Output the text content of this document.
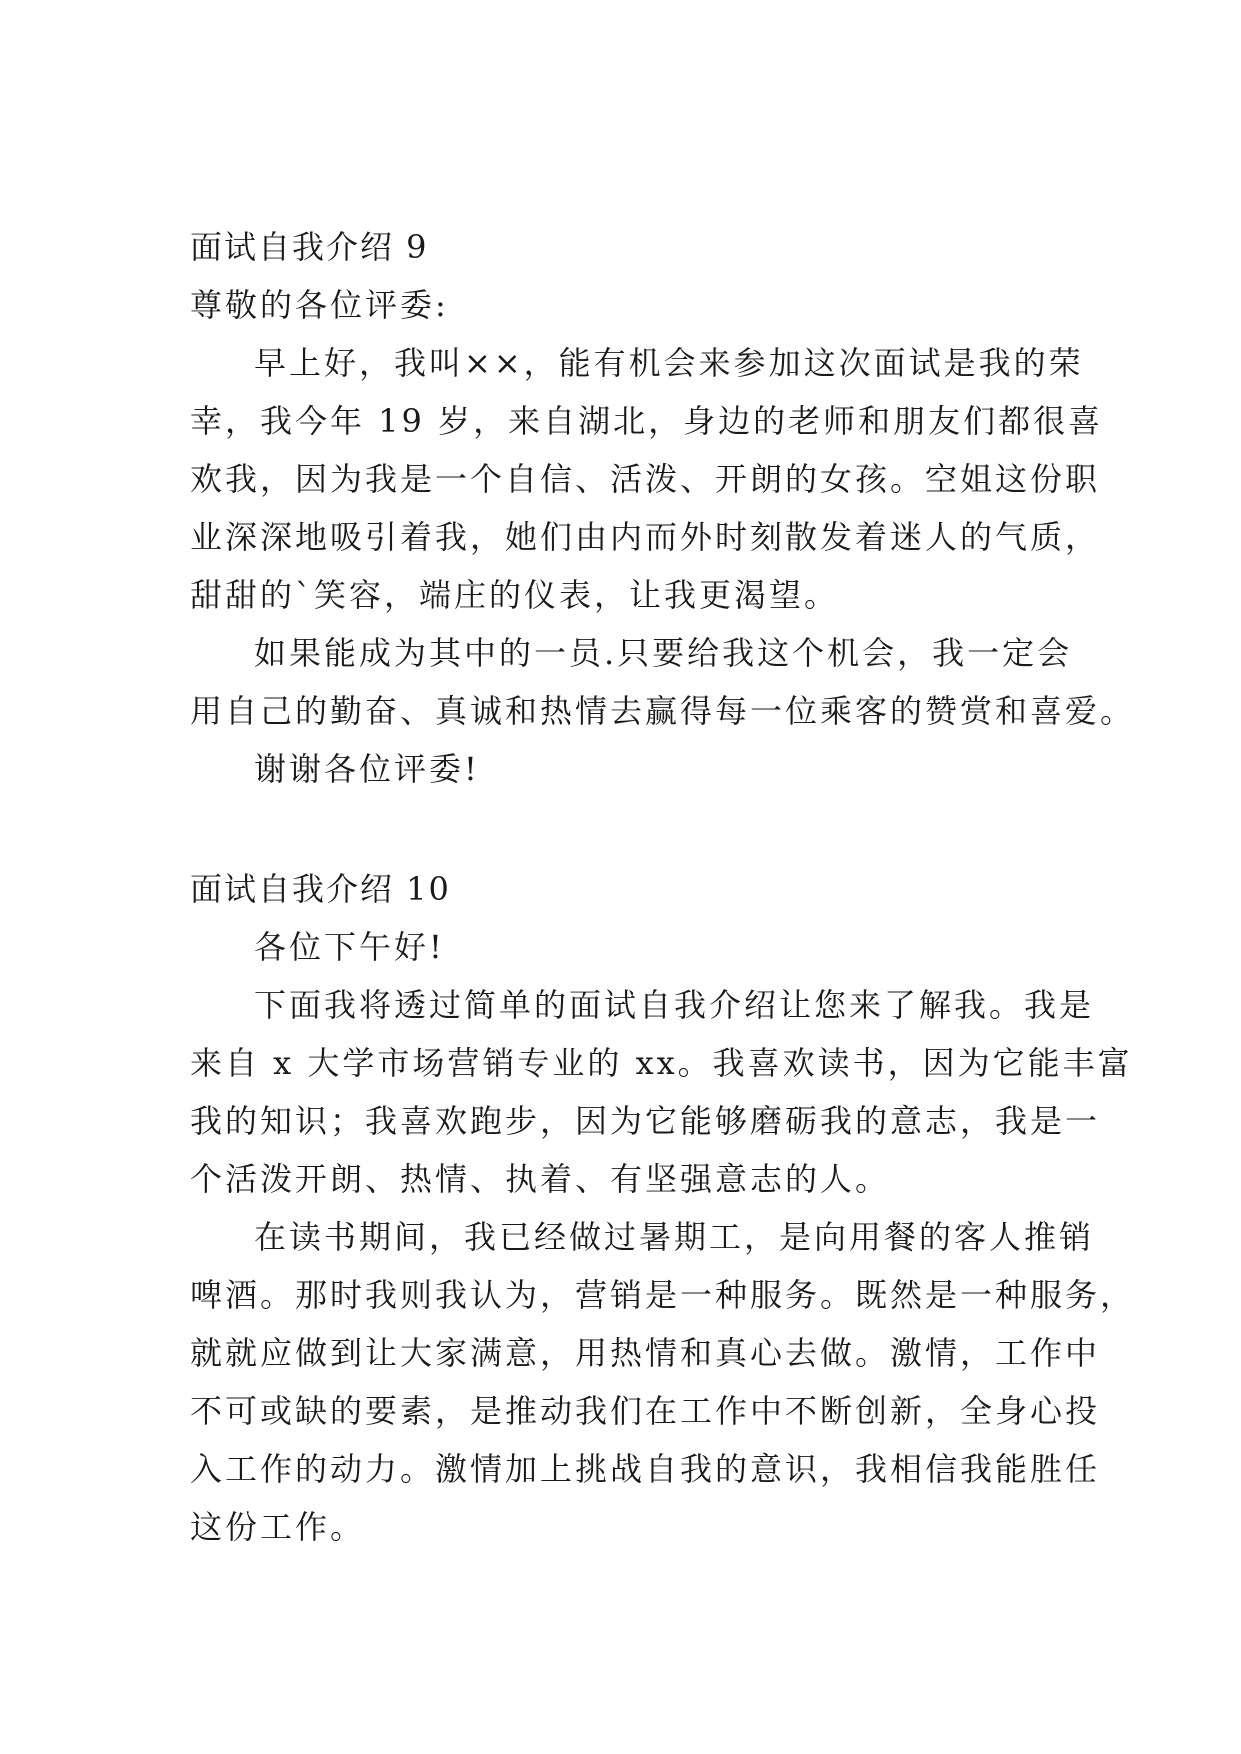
面试自我介绍 9

尊敬的各位评委:

早上好，我叫××，能有机会来参加这次面试是我的荣

幸，我今年 19 岁，来自湖北，身边的老师和朋友们都很喜

欢我，因为我是一个自信、活泼、开朗的女孩。空姐这份职

业深深地吸引着我，她们由内而外时刻散发着迷人的气质，

甜甜的`笑容，端庄的仪表，让我更渴望。

如果能成为其中的一员.只要给我这个机会，我一定会

用自己的勤奋、真诚和热情去赢得每一位乘客的赞赏和喜爱。

谢谢各位评委!

面试自我介绍 10

各位下午好!

下面我将透过简单的面试自我介绍让您来了解我。我是

来自 x 大学市场营销专业的 xx。我喜欢读书，因为它能丰富

我的知识；我喜欢跑步，因为它能够磨砺我的意志，我是一

个活泼开朗、热情、执着、有坚强意志的人。

在读书期间，我已经做过暑期工，是向用餐的客人推销

啤酒。那时我则我认为，营销是一种服务。既然是一种服务，

就就应做到让大家满意，用热情和真心去做。激情，工作中

不可或缺的要素，是推动我们在工作中不断创新，全身心投

入工作的动力。激情加上挑战自我的意识，我相信我能胜任

这份工作。
